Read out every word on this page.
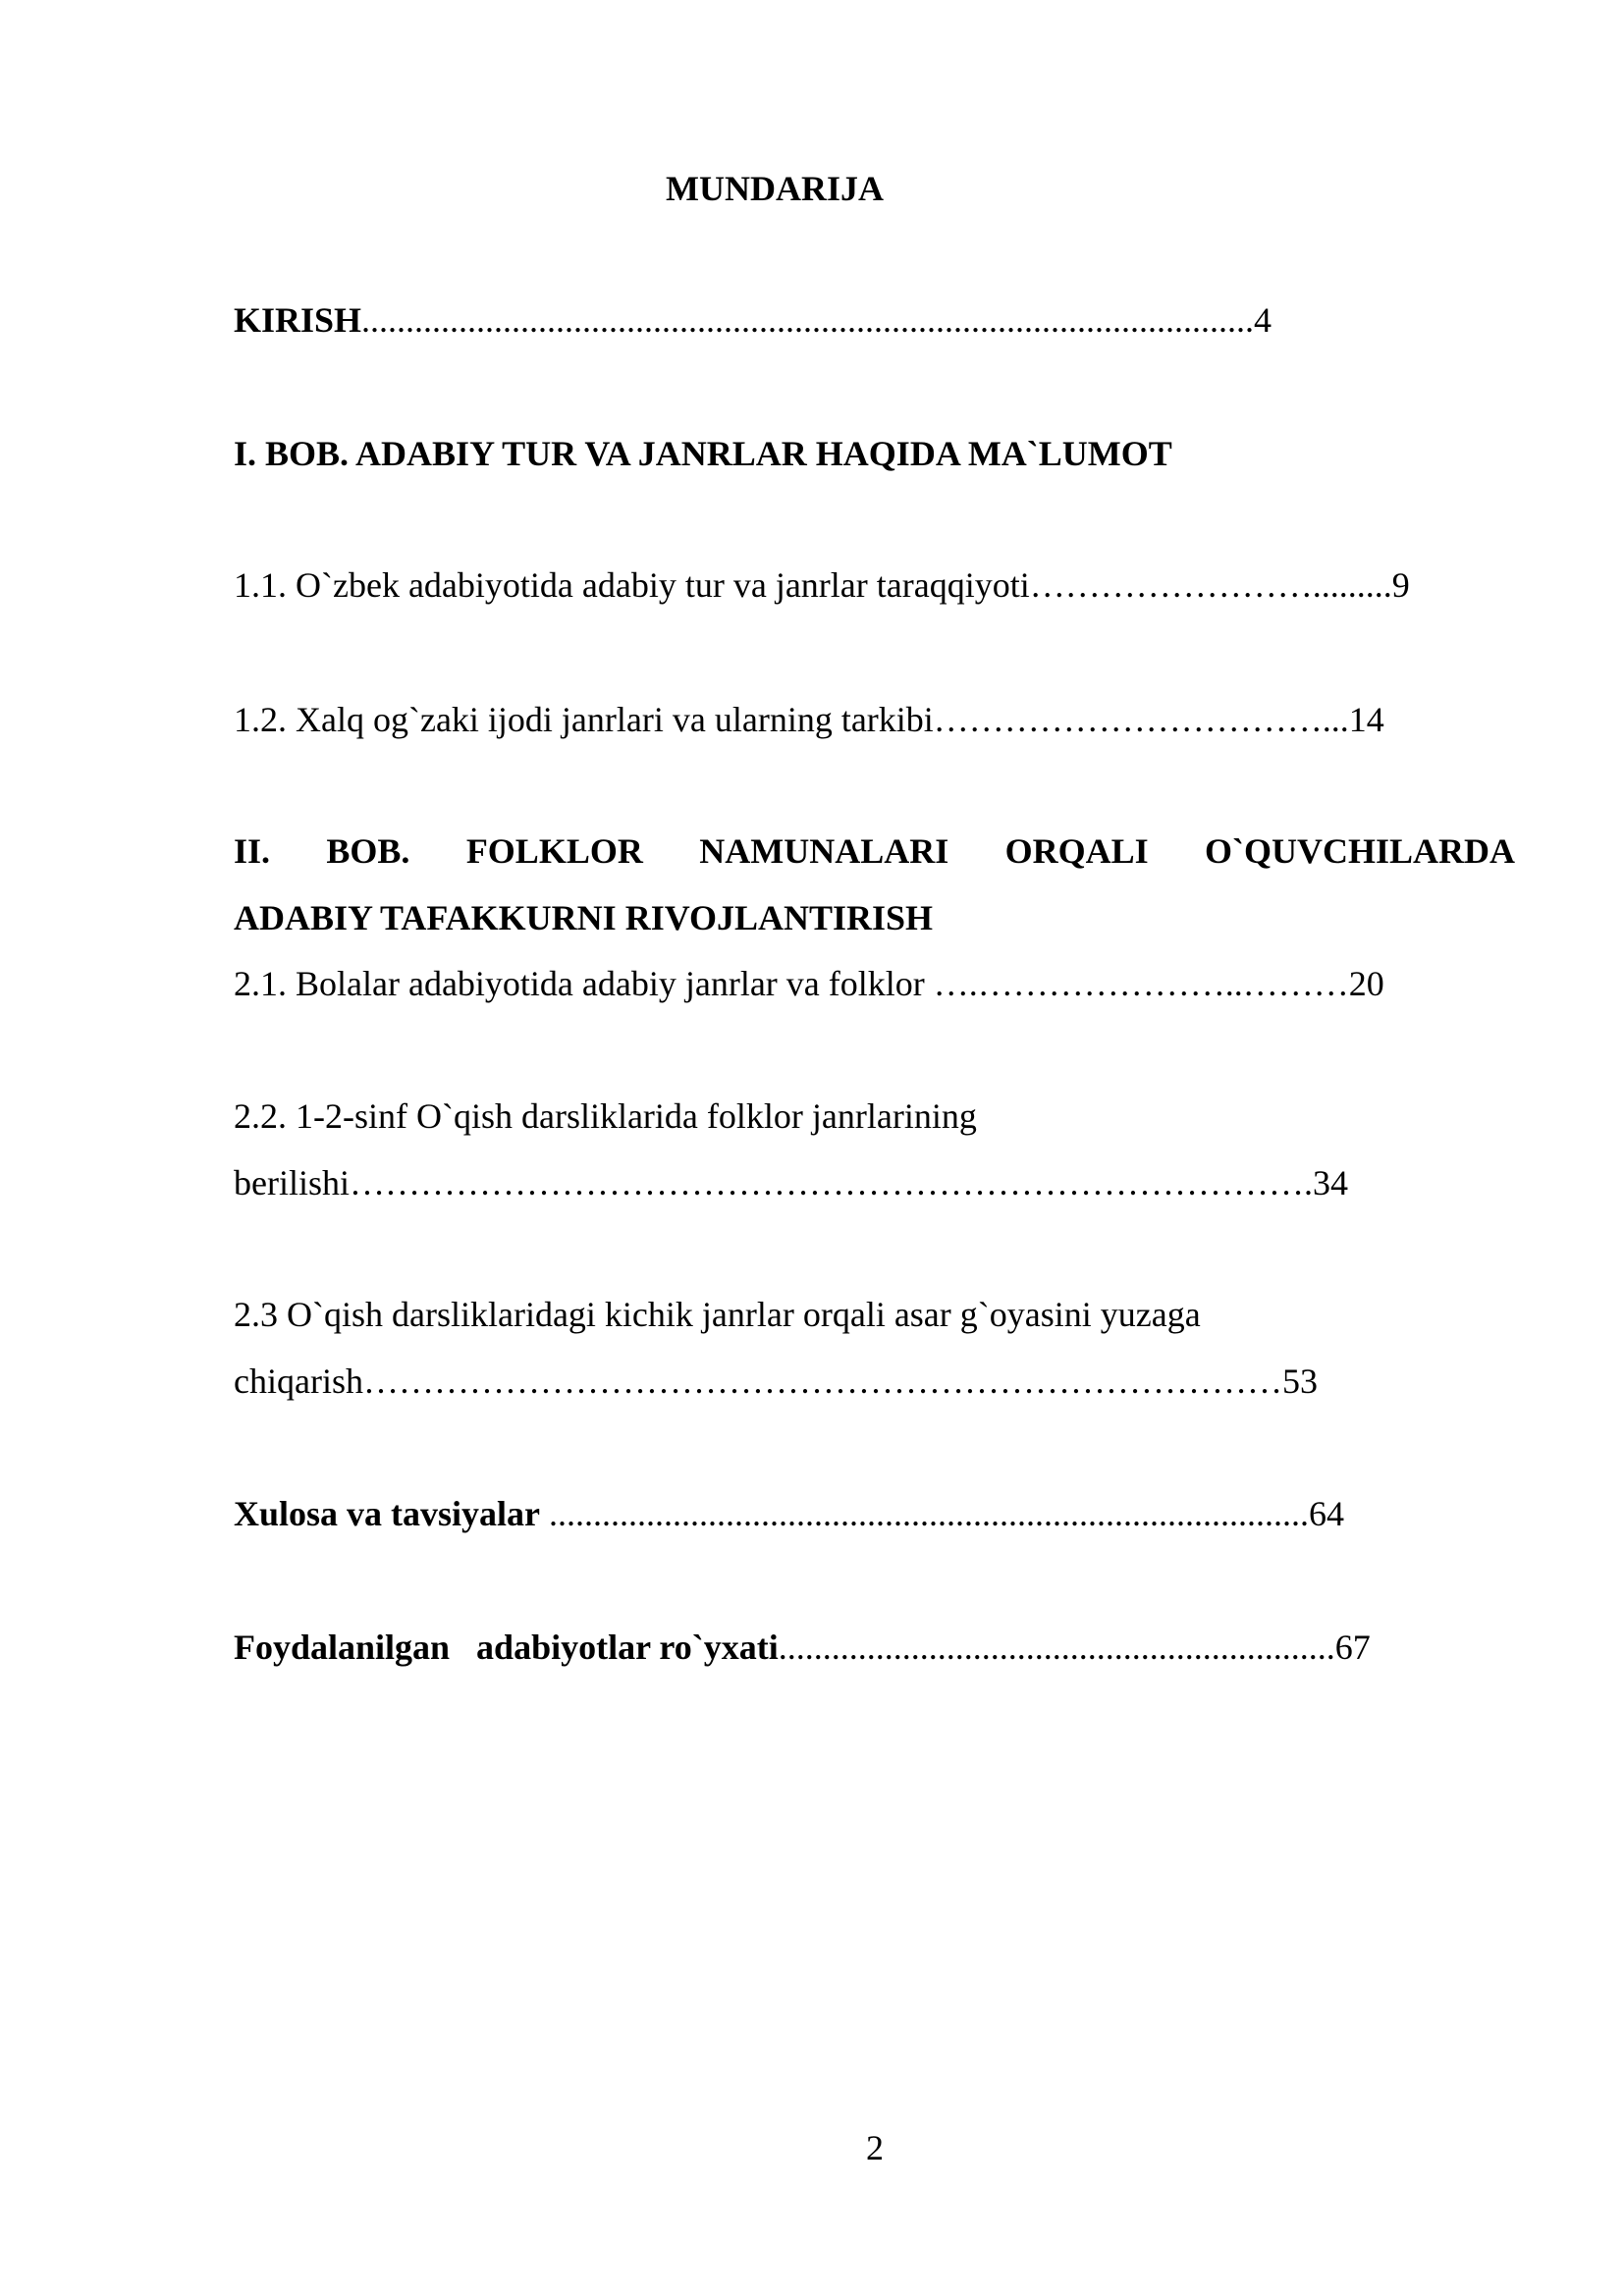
MUNDARIJA
KIRISH.....................................................................................................4
I. BOB. ADABIY TUR VA JANRLAR HAQIDA MA`LUMOT
1.1. O`zbek adabiyotida adabiy tur va janrlar taraqqiyoti…………………….........9
1.2. Xalq og`zaki ijodi janrlari va ularning tarkibi……………………………...14
II. BOB. FOLKLOR NAMUNALARI ORQALI O`QUVCHILARDA
ADABIY TAFAKKURNI RIVOJLANTIRISH
2.1. Bolalar adabiyotida adabiy janrlar va folklor ….…………………..………20
2.2. 1-2-sinf O`qish darsliklarida folklor janrlarining
berilishi……………………………………………………………………….34
2.3 O`qish darsliklaridagi kichik janrlar orqali asar g`oyasini yuzaga
chiqarish……………………………………………………………………53
Xulosa va tavsiyalar ......................................................................................64
Foydalanilgan   adabiyotlar ro`yxati...............................................................67
2
